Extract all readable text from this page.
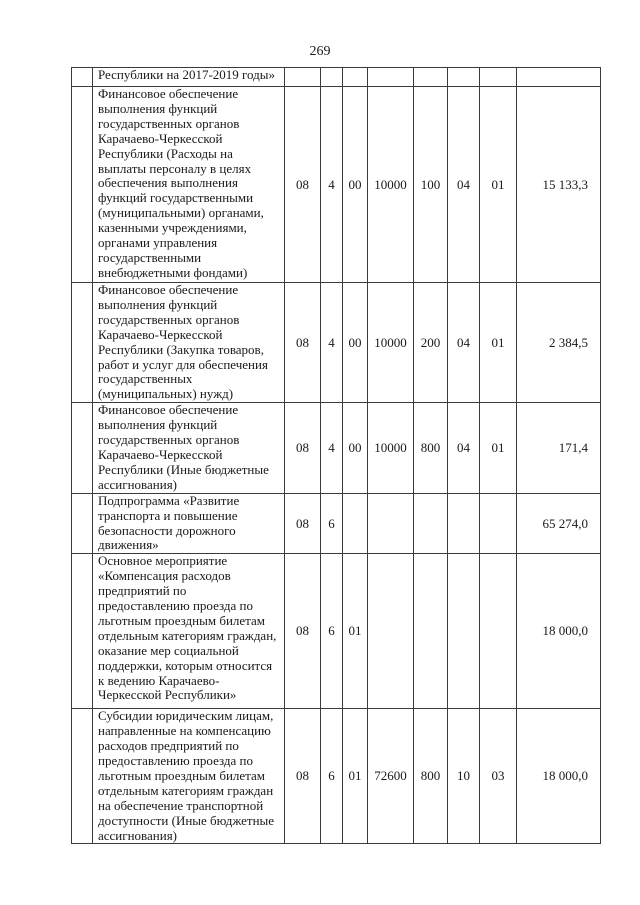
269
	Республики на 2017-2019 годы»								
	Финансовое обеспечение выполнения функций государственных органов Карачаево-Черкесской Республики (Расходы на выплаты персоналу в целях обеспечения выполнения функций государственными (муниципальными) органами, казенными учреждениями, органами управления государственными внебюджетными фондами)	08	4	00	10000	100	04	01	15 133,3
	Финансовое обеспечение выполнения функций государственных органов Карачаево-Черкесской Республики (Закупка товаров, работ и услуг для обеспечения государственных (муниципальных) нужд)	08	4	00	10000	200	04	01	2 384,5
	Финансовое обеспечение выполнения функций государственных органов Карачаево-Черкесской Республики (Иные бюджетные ассигнования)	08	4	00	10000	800	04	01	171,4
	Подпрограмма «Развитие транспорта и повышение безопасности дорожного движения»	08	6						65 274,0
	Основное мероприятие «Компенсация расходов предприятий по предоставлению проезда по льготным проездным билетам отдельным категориям граждан, оказание мер социальной поддержки, которым относится к ведению Карачаево-Черкесской Республики»	08	6	01					18 000,0
	Субсидии юридическим лицам, направленные на компенсацию расходов предприятий по предоставлению проезда по льготным проездным билетам отдельным категориям граждан на обеспечение транспортной доступности (Иные бюджетные ассигнования)	08	6	01	72600	800	10	03	18 000,0
